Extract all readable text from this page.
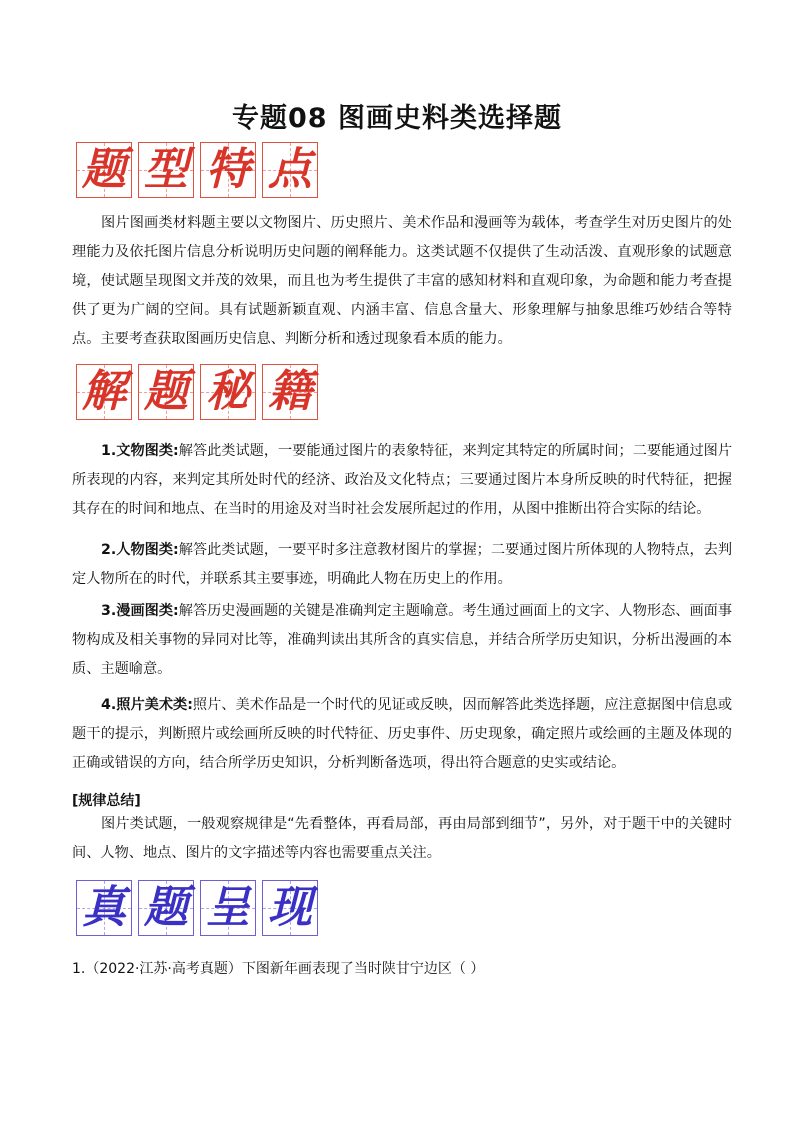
专题08 图画史料类选择题
题 型 特 点

图片图画类材料题主要以文物图片、历史照片、美术作品和漫画等为载体，考查学生对历史图片的处理能力及依托图片信息分析说明历史问题的阐释能力。这类试题不仅提供了生动活泼、直观形象的试题意境，使试题呈现图文并茂的效果，而且也为考生提供了丰富的感知材料和直观印象，为命题和能力考查提供了更为广阔的空间。具有试题新颖直观、内涵丰富、信息含量大、形象理解与抽象思维巧妙结合等特点。主要考查获取图画历史信息、判断分析和透过现象看本质的能力。

解 题 秘 籍

1.文物图类:解答此类试题，一要能通过图片的表象特征，来判定其特定的所属时间；二要能通过图片所表现的内容，来判定其所处时代的经济、政治及文化特点；三要通过图片本身所反映的时代特征，把握其存在的时间和地点、在当时的用途及对当时社会发展所起过的作用，从图中推断出符合实际的结论。

2.人物图类:解答此类试题，一要平时多注意教材图片的掌握；二要通过图片所体现的人物特点，去判定人物所在的时代，并联系其主要事迹，明确此人物在历史上的作用。

3.漫画图类:解答历史漫画题的关键是准确判定主题喻意。考生通过画面上的文字、人物形态、画面事物构成及相关事物的异同对比等，准确判读出其所含的真实信息，并结合所学历史知识，分析出漫画的本质、主题喻意。

4.照片美术类:照片、美术作品是一个时代的见证或反映，因而解答此类选择题，应注意据图中信息或题干的提示，判断照片或绘画所反映的时代特征、历史事件、历史现象，确定照片或绘画的主题及体现的正确或错误的方向，结合所学历史知识，分析判断备选项，得出符合题意的史实或结论。

[规律总结]

图片类试题，一般观察规律是“先看整体，再看局部，再由局部到细节”，另外，对于题干中的关键时间、人物、地点、图片的文字描述等内容也需要重点关注。

真 题 呈 现
1.（2022·江苏·高考真题）下图新年画表现了当时陕甘宁边区（ ）
